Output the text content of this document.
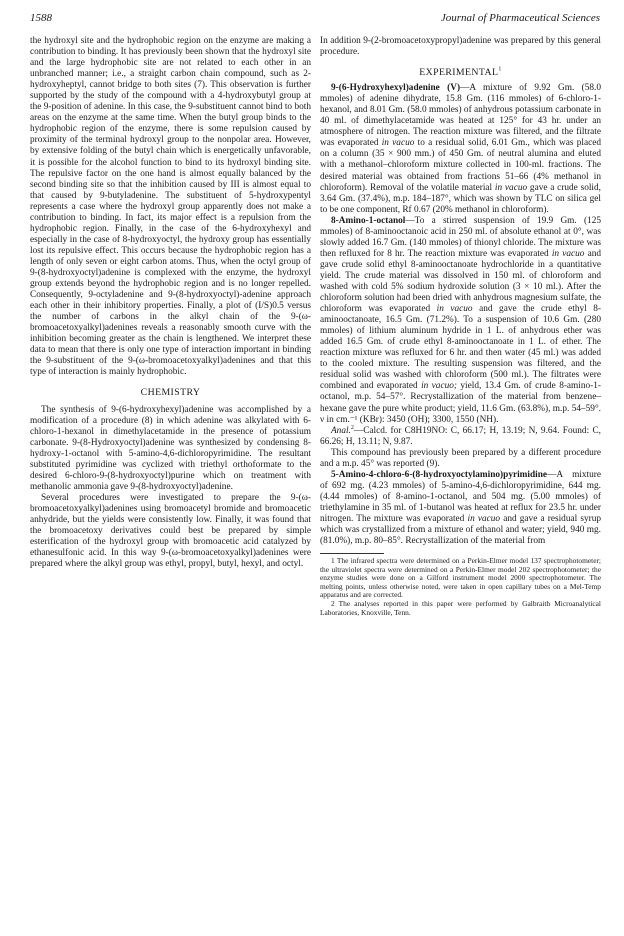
1588	Journal of Pharmaceutical Sciences

the hydroxyl site and the hydrophobic region on the enzyme are making a contribution to binding. It has previously been shown that the hydroxyl site and the large hydrophobic site are not related to each other in an unbranched manner; i.e., a straight carbon chain compound, such as 2-hydroxyheptyl, cannot bridge to both sites (7). This observation is further supported by the study of the compound with a 4-hydroxybutyl group at the 9-position of adenine. In this case, the 9-substituent cannot bind to both areas on the enzyme at the same time. When the butyl group binds to the hydrophobic region of the enzyme, there is some repulsion caused by proximity of the terminal hydroxyl group to the nonpolar area. However, by extensive folding of the butyl chain which is energetically unfavorable, it is possible for the alcohol function to bind to its hydroxyl binding site. The repulsive factor on the one hand is almost equally balanced by the second binding site so that the inhibition caused by III is almost equal to that caused by 9-butyladenine. The substituent of 5-hydroxypentyl represents a case where the hydroxyl group apparently does not make a contribution to binding. In fact, its major effect is a repulsion from the hydrophobic region. Finally, in the case of the 6-hydroxyhexyl and especially in the case of 8-hydroxyoctyl, the hydroxy group has essentially lost its repulsive effect. This occurs because the hydrophobic region has a length of only seven or eight carbon atoms. Thus, when the octyl group of 9-(8-hydroxyoctyl)adenine is complexed with the enzyme, the hydroxyl group extends beyond the hydrophobic region and is no longer repelled. Consequently, 9-octyladenine and 9-(8-hydroxyoctyl)-adenine approach each other in their inhibitory properties. Finally, a plot of (I/S)0.5 versus the number of carbons in the alkyl chain of the 9-(ω-bromoacetoxyalkyl)adenines reveals a reasonably smooth curve with the inhibition becoming greater as the chain is lengthened. We interpret these data to mean that there is only one type of interaction important in binding the 9-substituent of the 9-(ω-bromoacetoxyalkyl)adenines and that this type of interaction is mainly hydrophobic.

CHEMISTRY

The synthesis of 9-(6-hydroxyhexyl)adenine was accomplished by a modification of a procedure (8) in which adenine was alkylated with 6-chloro-1-hexanol in dimethylacetamide in the presence of potassium carbonate. 9-(8-Hydroxyoctyl)adenine was synthesized by condensing 8-hydroxy-1-octanol with 5-amino-4,6-dichloropyrimidine. The resultant substituted pyrimidine was cyclized with triethyl orthoformate to the desired 6-chloro-9-(8-hydroxyoctyl)purine which on treatment with methanolic ammonia gave 9-(8-hydroxyoctyl)adenine.

Several procedures were investigated to prepare the 9-(ω-bromoacetoxyalkyl)adenines using bromoacetyl bromide and bromoacetic anhydride, but the yields were consistently low. Finally, it was found that the bromoacetoxy derivatives could best be prepared by simple esterification of the hydroxyl group with bromoacetic acid catalyzed by ethanesulfonic acid. In this way 9-(ω-bromoacetoxyalkyl)adenines were prepared where the alkyl group was ethyl, propyl, butyl, hexyl, and octyl.

In addition 9-(2-bromoacetoxypropyl)adenine was prepared by this general procedure.

EXPERIMENTAL$^1$

9-(6-Hydroxyhexyl)adenine (V)—A mixture of 9.92 Gm. (58.0 mmoles) of adenine dihydrate, 15.8 Gm. (116 mmoles) of 6-chloro-1-hexanol, and 8.01 Gm. (58.0 mmoles) of anhydrous potassium carbonate in 40 ml. of dimethylacetamide was heated at 125° for 43 hr. under an atmosphere of nitrogen. The reaction mixture was filtered, and the filtrate was evaporated in vacuo to a residual solid, 6.01 Gm., which was placed on a column (35 × 900 mm.) of 450 Gm. of neutral alumina and eluted with a methanol–chloroform mixture collected in 100-ml. fractions. The desired material was obtained from fractions 51–66 (4% methanol in chloroform). Removal of the volatile material in vacuo gave a crude solid, 3.64 Gm. (37.4%), m.p. 184–187°, which was shown by TLC on silica gel to be one component, Rf 0.67 (20% methanol in chloroform).

8-Amino-1-octanol—To a stirred suspension of 19.9 Gm. (125 mmoles) of 8-aminooctanoic acid in 250 ml. of absolute ethanol at 0°, was slowly added 16.7 Gm. (140 mmoles) of thionyl chloride. The mixture was then refluxed for 8 hr. The reaction mixture was evaporated in vacuo and gave crude solid ethyl 8-aminooctanoate hydrochloride in a quantitative yield. The crude material was dissolved in 150 ml. of chloroform and washed with cold 5% sodium hydroxide solution (3 × 10 ml.). After the chloroform solution had been dried with anhydrous magnesium sulfate, the chloroform was evaporated in vacuo and gave the crude ethyl 8-aminooctanoate, 16.5 Gm. (71.2%). To a suspension of 10.6 Gm. (280 mmoles) of lithium aluminum hydride in 1 L. of anhydrous ether was added 16.5 Gm. of crude ethyl 8-aminooctanoate in 1 L. of ether. The reaction mixture was refluxed for 6 hr. and then water (45 ml.) was added to the cooled mixture. The resulting suspension was filtered, and the residual solid was washed with chloroform (500 ml.). The filtrates were combined and evaporated in vacuo; yield, 13.4 Gm. of crude 8-amino-1-octanol, m.p. 54–57°. Recrystallization of the material from benzene–hexane gave the pure white product; yield, 11.6 Gm. (63.8%), m.p. 54–59°. ν in cm.⁻¹ (KBr): 3450 (OH); 3300, 1550 (NH).

Anal.$^2$—Calcd. for C8H19NO: C, 66.17; H, 13.19; N, 9.64. Found: C, 66.26; H, 13.11; N, 9.87.

This compound has previously been prepared by a different procedure and a m.p. 45° was reported (9).

5-Amino-4-chloro-6-(8-hydroxyoctylamino)pyrimidine—A mixture of 692 mg. (4.23 mmoles) of 5-amino-4,6-dichloropyrimidine, 644 mg. (4.44 mmoles) of 8-amino-1-octanol, and 504 mg. (5.00 mmoles) of triethylamine in 35 ml. of 1-butanol was heated at reflux for 23.5 hr. under nitrogen. The mixture was evaporated in vacuo and gave a residual syrup which was crystallized from a mixture of ethanol and water; yield, 940 mg. (81.0%), m.p. 80–85°. Recrystallization of the material from

1 The infrared spectra were determined on a Perkin-Elmer model 137 spectrophotometer; the ultraviolet spectra were determined on a Perkin-Elmer model 202 spectrophotometer; the enzyme studies were done on a Gilford instrument model 2000 spectrophotometer. The melting points, unless otherwise noted, were taken in open capillary tubes on a Mel-Temp apparatus and are corrected.

2 The analyses reported in this paper were performed by Galbraith Microanalytical Laboratories, Knoxville, Tenn.
